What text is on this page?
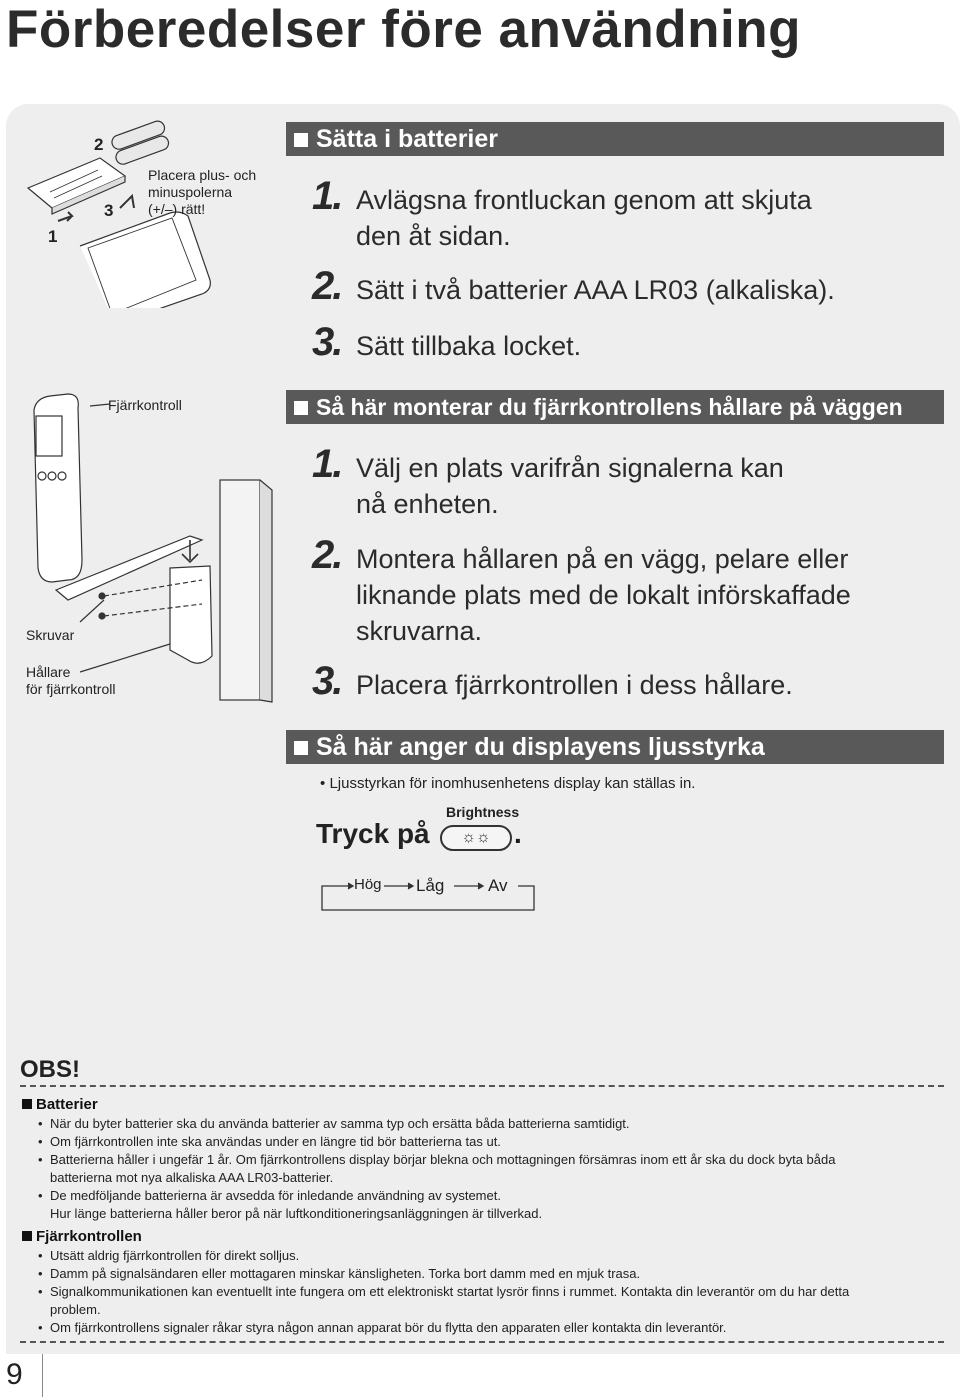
Förberedelser före användning
1
2
3
Placera plus- och
minuspolerna
(+/–) rätt!
Sätta i batterier
1. Avlägsna frontluckan genom att skjuta
den åt sidan.
2. Sätt i två batterier AAA LR03 (alkaliska).
3. Sätt tillbaka locket.
Fjärrkontroll
Skruvar
Hållare
för fjärrkontroll
Så här monterar du fjärrkontrollens hållare på väggen
1. Välj en plats varifrån signalerna kan
nå enheten.
2. Montera hållaren på en vägg, pelare eller
liknande plats med de lokalt införskaffade
skruvarna.
3. Placera fjärrkontrollen i dess hållare.
Så här anger du displayens ljusstyrka
• Ljusstyrkan för inomhusenhetens display kan ställas in.
Tryck på
Brightness
☼☼ .
Hög Låg	Av
OBS!
Batterier
• När du byter batterier ska du använda batterier av samma typ och ersätta båda batterierna samtidigt.
• Om fjärrkontrollen inte ska användas under en längre tid bör batterierna tas ut.
• Batterierna håller i ungefär 1 år. Om fjärrkontrollens display börjar blekna och mottagningen försämras inom ett år ska du dock byta båda
batterierna mot nya alkaliska AAA LR03-batterier.
• De medföljande batterierna är avsedda för inledande användning av systemet.
Hur länge batterierna håller beror på när luftkonditioneringsanläggningen är tillverkad.
Fjärrkontrollen
• Utsätt aldrig fjärrkontrollen för direkt solljus.
• Damm på signalsändaren eller mottagaren minskar känsligheten. Torka bort damm med en mjuk trasa.
• Signalkommunikationen kan eventuellt inte fungera om ett elektroniskt startat lysrör finns i rummet. Kontakta din leverantör om du har detta
problem.
• Om fjärrkontrollens signaler råkar styra någon annan apparat bör du flytta den apparaten eller kontakta din leverantör.
9
